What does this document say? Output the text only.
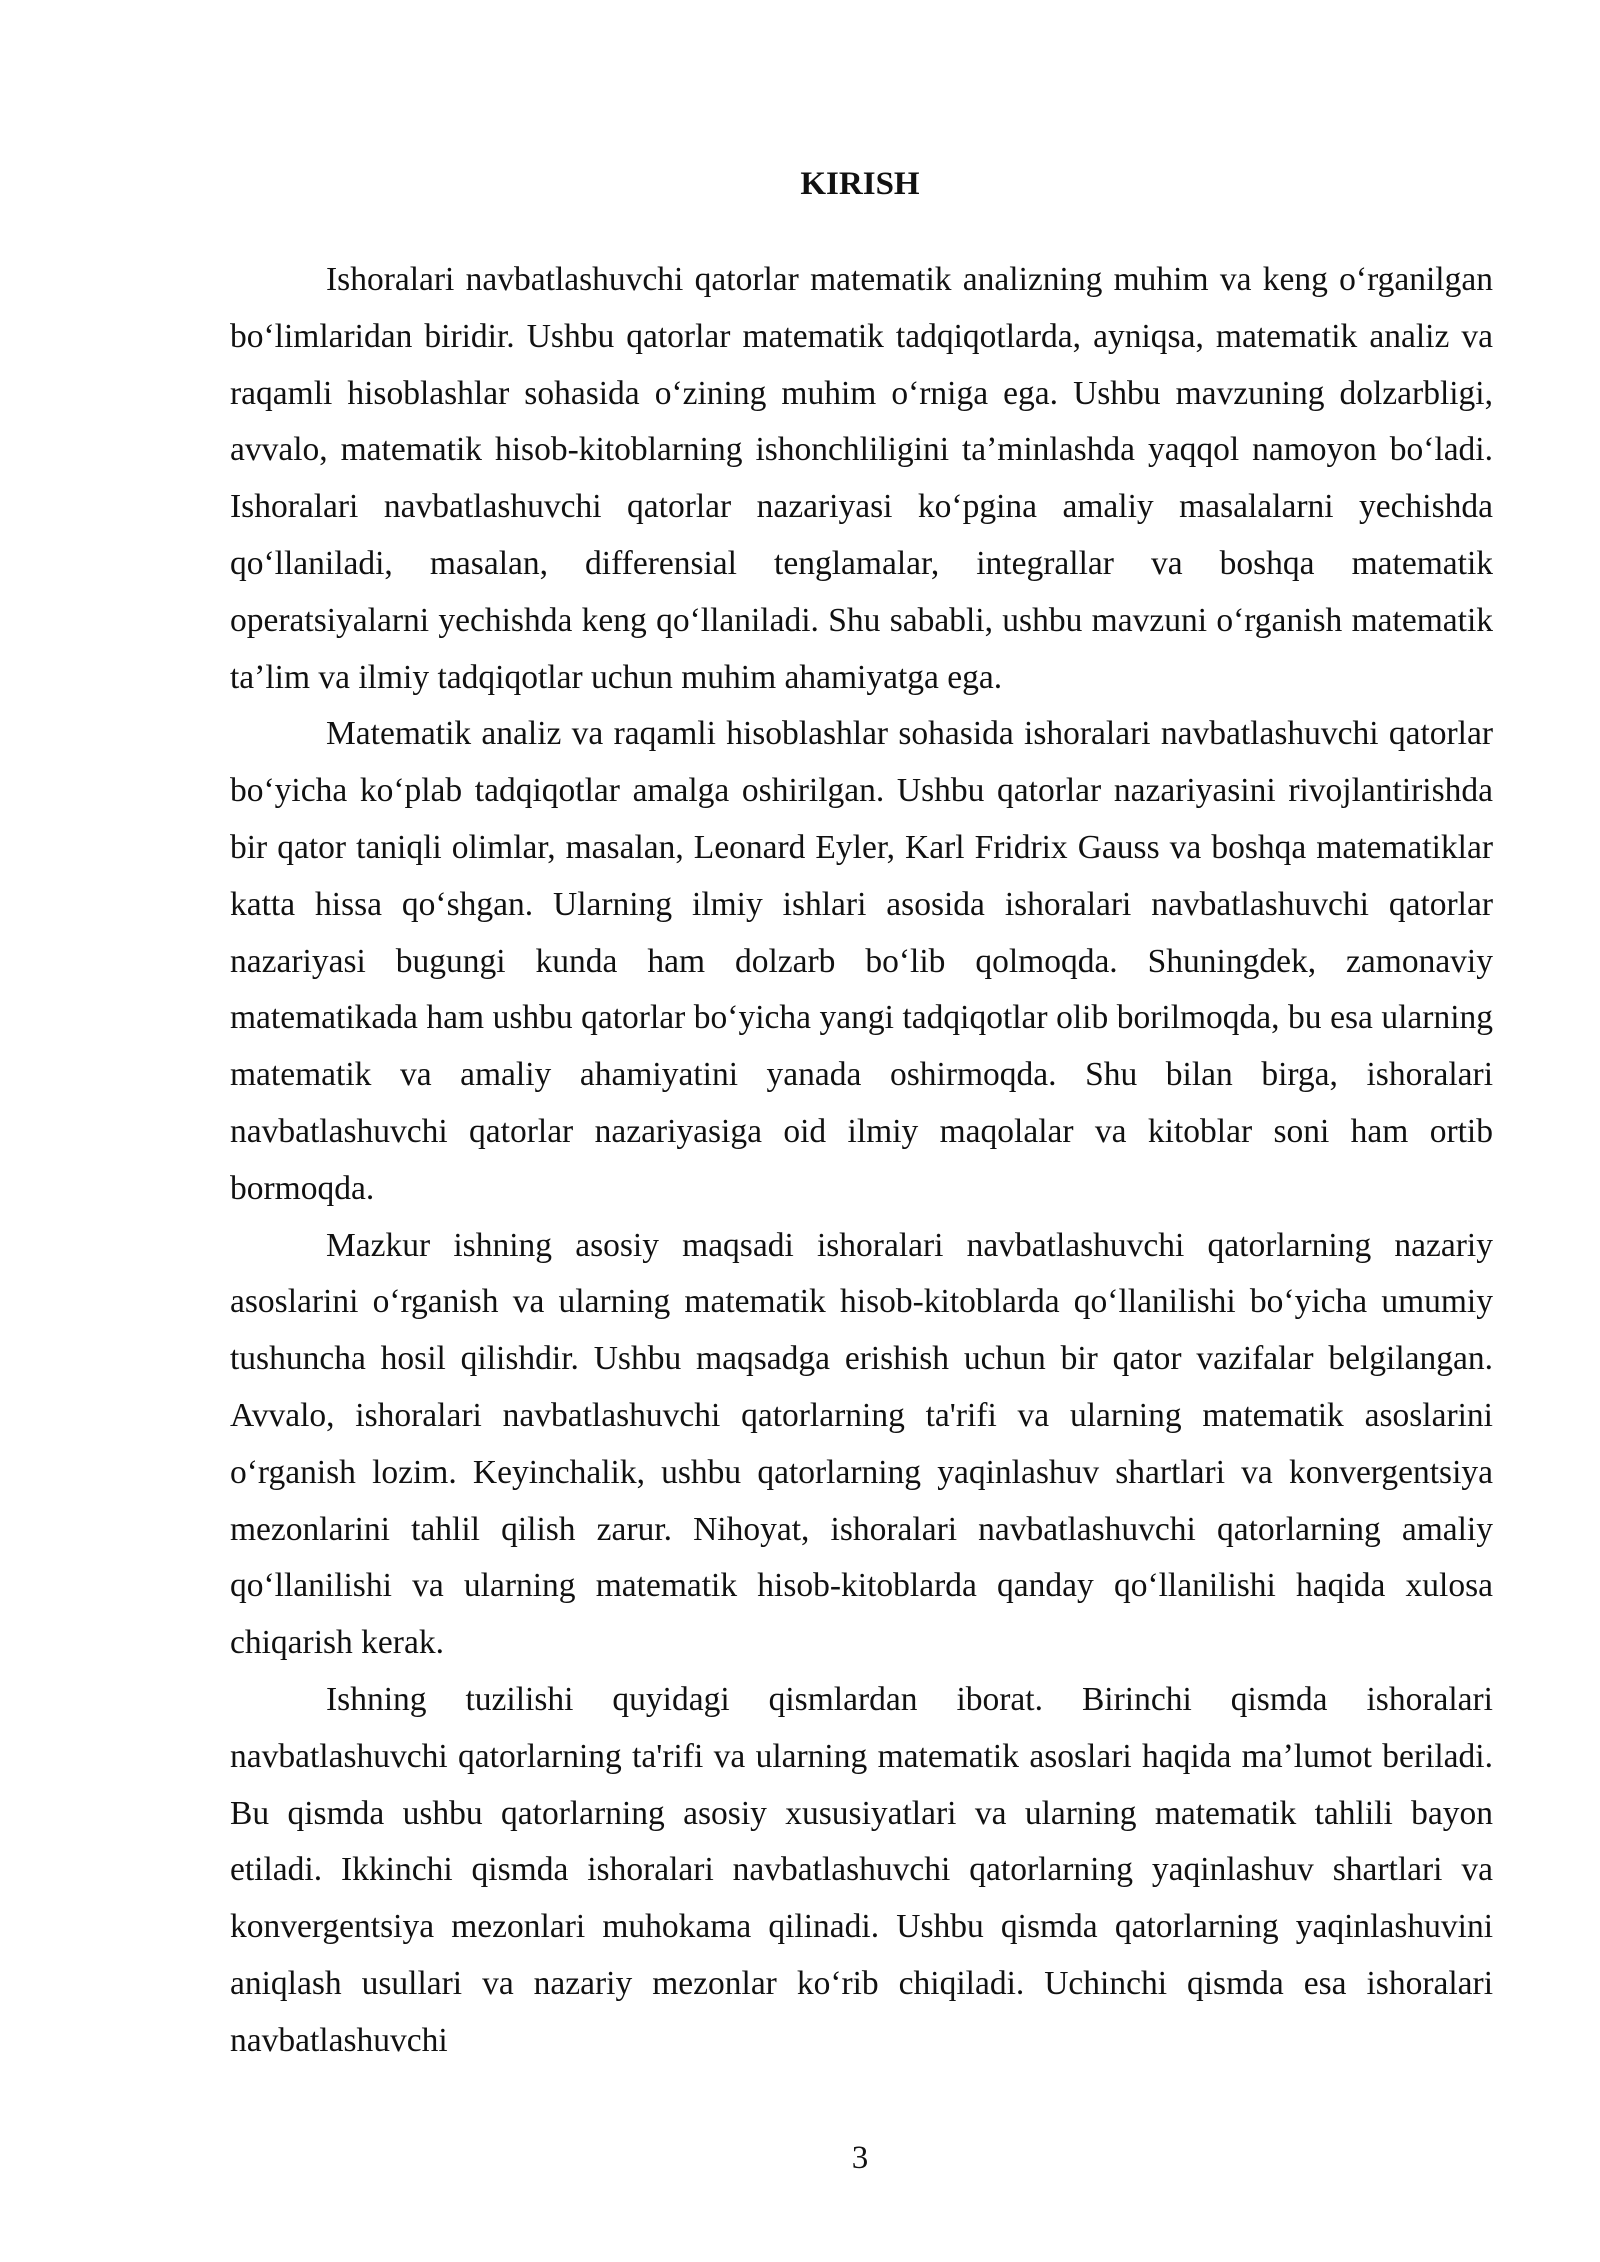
KIRISH

Ishoralari navbatlashuvchi qatorlar matematik analizning muhim va keng oʻrganilgan boʻlimlaridan biridir. Ushbu qatorlar matematik tadqiqotlarda, ayniqsa, matematik analiz va raqamli hisoblashlar sohasida oʻzining muhim oʻrniga ega. Ushbu mavzuning dolzarbligi, avvalo, matematik hisob-kitoblarning ishonchliligini taʼminlashda yaqqol namoyon boʻladi. Ishoralari navbatlashuvchi qatorlar nazariyasi koʻpgina amaliy masalalarni yechishda qoʻllaniladi, masalan, differensial tenglamalar, integrallar va boshqa matematik operatsiyalarni yechishda keng qoʻllaniladi. Shu sababli, ushbu mavzuni oʻrganish matematik taʼlim va ilmiy tadqiqotlar uchun muhim ahamiyatga ega.

Matematik analiz va raqamli hisoblashlar sohasida ishoralari navbatlashuvchi qatorlar boʻyicha koʻplab tadqiqotlar amalga oshirilgan. Ushbu qatorlar nazariyasini rivojlantirishda bir qator taniqli olimlar, masalan, Leonard Eyler, Karl Fridrix Gauss va boshqa matematiklar katta hissa qoʻshgan. Ularning ilmiy ishlari asosida ishoralari navbatlashuvchi qatorlar nazariyasi bugungi kunda ham dolzarb boʻlib qolmoqda. Shuningdek, zamonaviy matematikada ham ushbu qatorlar boʻyicha yangi tadqiqotlar olib borilmoqda, bu esa ularning matematik va amaliy ahamiyatini yanada oshirmoqda. Shu bilan birga, ishoralari navbatlashuvchi qatorlar nazariyasiga oid ilmiy maqolalar va kitoblar soni ham ortib bormoqda.

Mazkur ishning asosiy maqsadi ishoralari navbatlashuvchi qatorlarning nazariy asoslarini oʻrganish va ularning matematik hisob-kitoblarda qoʻllanilishi boʻyicha umumiy tushuncha hosil qilishdir. Ushbu maqsadga erishish uchun bir qator vazifalar belgilangan. Avvalo, ishoralari navbatlashuvchi qatorlarning ta'rifi va ularning matematik asoslarini oʻrganish lozim. Keyinchalik, ushbu qatorlarning yaqinlashuv shartlari va konvergentsiya mezonlarini tahlil qilish zarur. Nihoyat, ishoralari navbatlashuvchi qatorlarning amaliy qoʻllanilishi va ularning matematik hisob-kitoblarda qanday qoʻllanilishi haqida xulosa chiqarish kerak.

Ishning tuzilishi quyidagi qismlardan iborat. Birinchi qismda ishoralari navbatlashuvchi qatorlarning ta'rifi va ularning matematik asoslari haqida maʼlumot beriladi. Bu qismda ushbu qatorlarning asosiy xususiyatlari va ularning matematik tahlili bayon etiladi. Ikkinchi qismda ishoralari navbatlashuvchi qatorlarning yaqinlashuv shartlari va konvergentsiya mezonlari muhokama qilinadi. Ushbu qismda qatorlarning yaqinlashuvini aniqlash usullari va nazariy mezonlar koʻrib chiqiladi. Uchinchi qismda esa ishoralari navbatlashuvchi

3
